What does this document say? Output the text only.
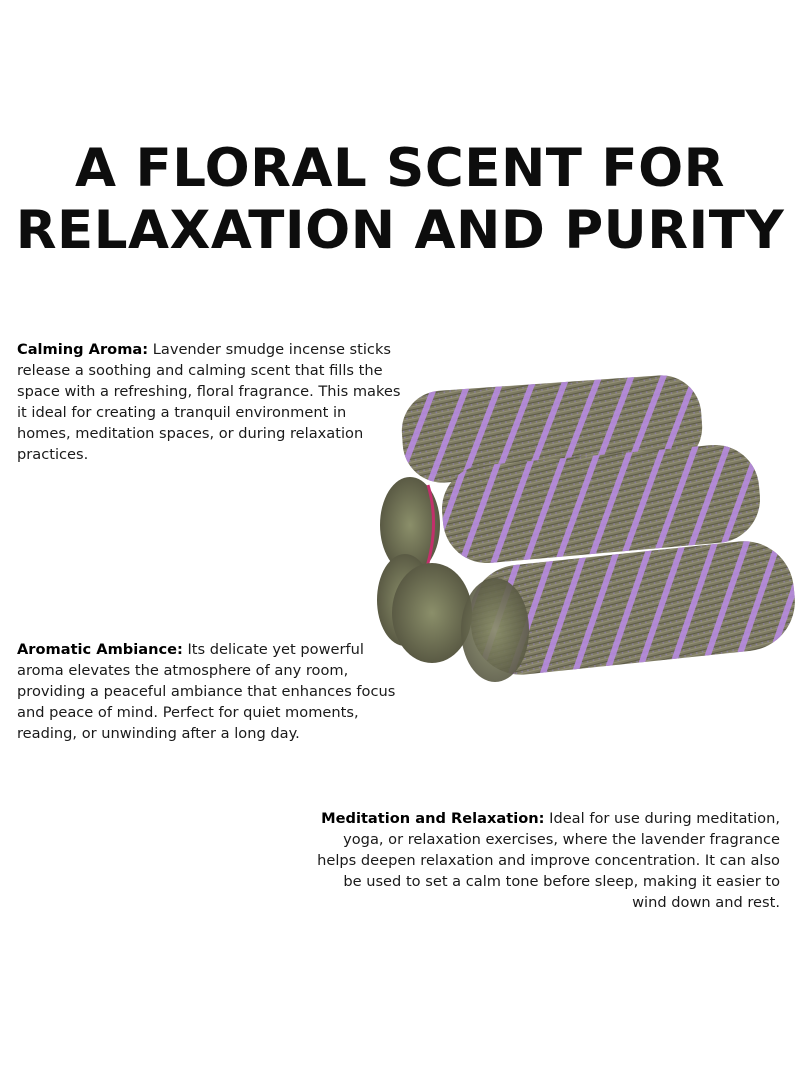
A FLORAL SCENT FOR
RELAXATION AND PURITY

Calming Aroma: Lavender smudge incense sticks release a soothing and calming scent that fills the space with a refreshing, floral fragrance. This makes it ideal for creating a tranquil environment in homes, meditation spaces, or during relaxation practices.

Aromatic Ambiance: Its delicate yet powerful aroma elevates the atmosphere of any room, providing a peaceful ambiance that enhances focus and peace of mind. Perfect for quiet moments, reading, or unwinding after a long day.

Meditation and Relaxation: Ideal for use during meditation, yoga, or relaxation exercises, where the lavender fragrance helps deepen relaxation and improve concentration. It can also be used to set a calm tone before sleep, making it easier to wind down and rest.
